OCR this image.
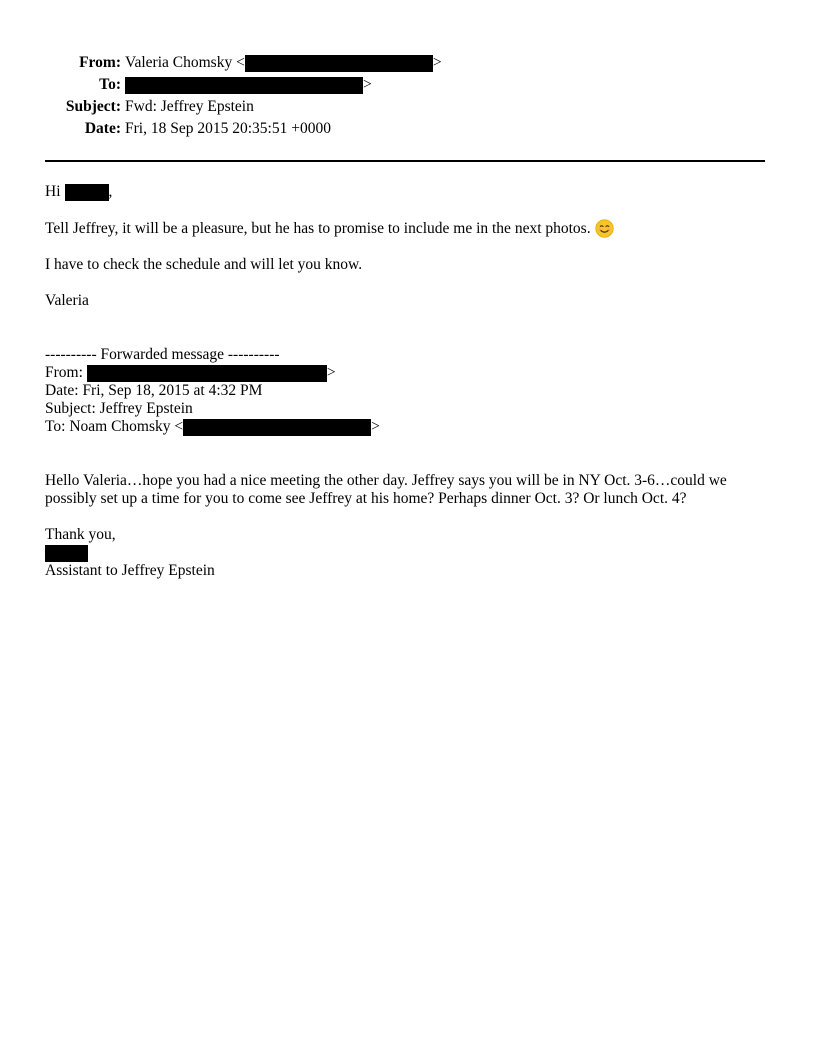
From: Valeria Chomsky <	>
To:	>
Subject: Fwd: Jeffrey Epstein
Date: Fri, 18 Sep 2015 20:35:51 +0000
Hi	,
Tell Jeffrey, it will be a pleasure, but he has to promise to include me in the next photos.
I have to check the schedule and will let you know.
Valeria
---------- Forwarded message ----------
From:	>
Date: Fri, Sep 18, 2015 at 4:32 PM
Subject: Jeffrey Epstein
To: Noam Chomsky <	>
Hello Valeria…hope you had a nice meeting the other day. Jeffrey says you will be in NY Oct. 3-6…could we possibly set up a time for you to come see Jeffrey at his home? Perhaps dinner Oct. 3? Or lunch Oct. 4?
Thank you,
Assistant to Jeffrey Epstein
